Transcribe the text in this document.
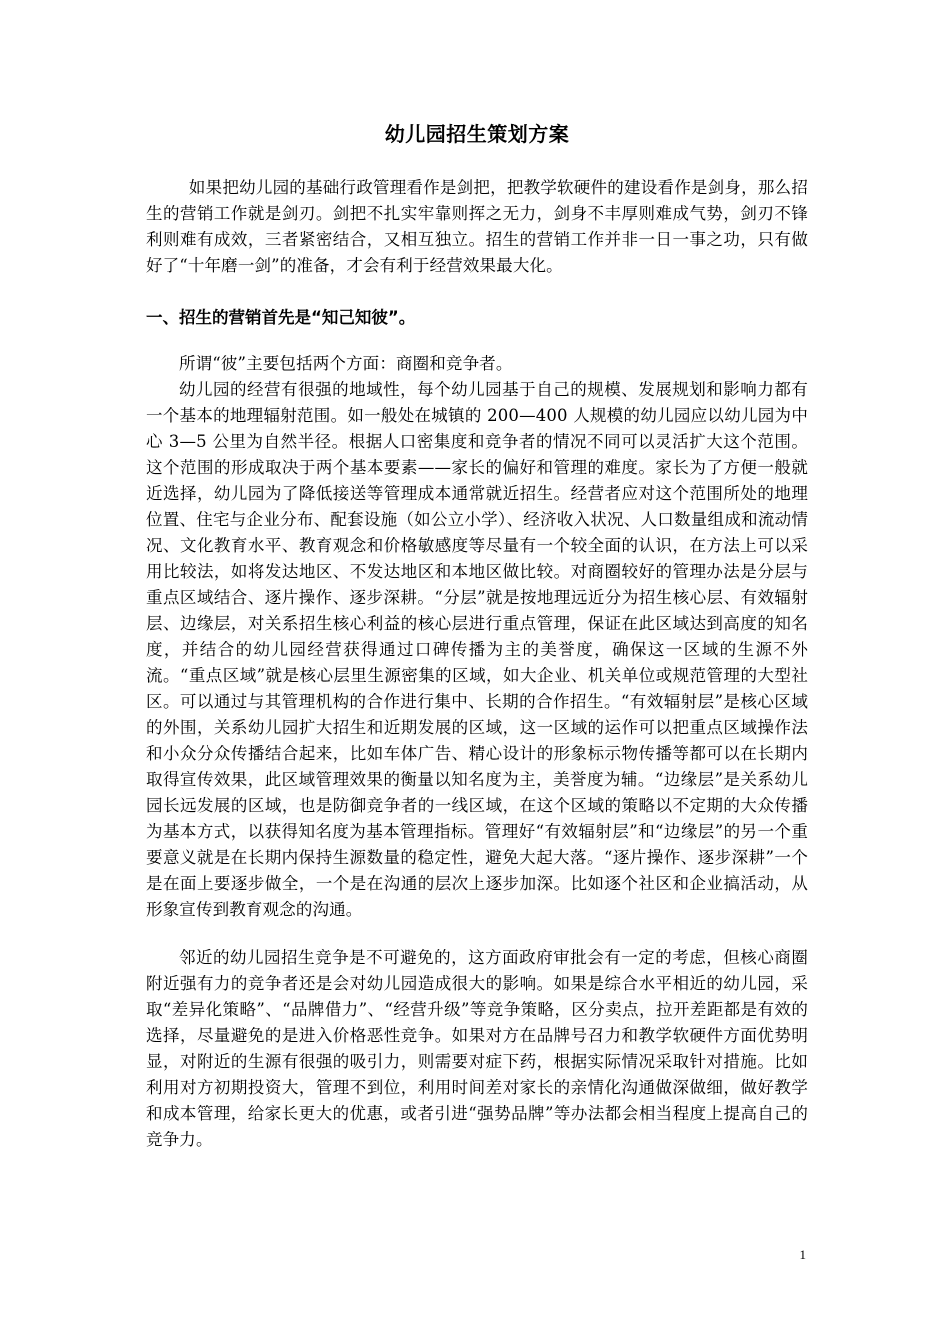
幼儿园招生策划方案

如果把幼儿园的基础行政管理看作是剑把，把教学软硬件的建设看作是剑身，那么招生的营销工作就是剑刃。剑把不扎实牢靠则挥之无力，剑身不丰厚则难成气势，剑刃不锋利则难有成效，三者紧密结合，又相互独立。招生的营销工作并非一日一事之功，只有做好了“十年磨一剑”的准备，才会有利于经营效果最大化。

一、招生的营销首先是“知己知彼”。

所谓“彼”主要包括两个方面：商圈和竞争者。

幼儿园的经营有很强的地域性，每个幼儿园基于自己的规模、发展规划和影响力都有一个基本的地理辐射范围。如一般处在城镇的 200—400 人规模的幼儿园应以幼儿园为中心 3—5 公里为自然半径。根据人口密集度和竞争者的情况不同可以灵活扩大这个范围。这个范围的形成取决于两个基本要素——家长的偏好和管理的难度。家长为了方便一般就近选择，幼儿园为了降低接送等管理成本通常就近招生。经营者应对这个范围所处的地理位置、住宅与企业分布、配套设施（如公立小学）、经济收入状况、人口数量组成和流动情况、文化教育水平、教育观念和价格敏感度等尽量有一个较全面的认识，在方法上可以采用比较法，如将发达地区、不发达地区和本地区做比较。对商圈较好的管理办法是分层与重点区域结合、逐片操作、逐步深耕。“分层”就是按地理远近分为招生核心层、有效辐射层、边缘层，对关系招生核心利益的核心层进行重点管理，保证在此区域达到高度的知名度，并结合的幼儿园经营获得通过口碑传播为主的美誉度，确保这一区域的生源不外流。“重点区域”就是核心层里生源密集的区域，如大企业、机关单位或规范管理的大型社区。可以通过与其管理机构的合作进行集中、长期的合作招生。“有效辐射层”是核心区域的外围，关系幼儿园扩大招生和近期发展的区域，这一区域的运作可以把重点区域操作法和小众分众传播结合起来，比如车体广告、精心设计的形象标示物传播等都可以在长期内取得宣传效果，此区域管理效果的衡量以知名度为主，美誉度为辅。“边缘层”是关系幼儿园长远发展的区域，也是防御竞争者的一线区域，在这个区域的策略以不定期的大众传播为基本方式，以获得知名度为基本管理指标。管理好“有效辐射层”和“边缘层”的另一个重要意义就是在长期内保持生源数量的稳定性，避免大起大落。“逐片操作、逐步深耕”一个是在面上要逐步做全，一个是在沟通的层次上逐步加深。比如逐个社区和企业搞活动，从形象宣传到教育观念的沟通。

邻近的幼儿园招生竞争是不可避免的，这方面政府审批会有一定的考虑，但核心商圈附近强有力的竞争者还是会对幼儿园造成很大的影响。如果是综合水平相近的幼儿园，采取“差异化策略”、“品牌借力”、“经营升级”等竞争策略，区分卖点，拉开差距都是有效的选择，尽量避免的是进入价格恶性竞争。如果对方在品牌号召力和教学软硬件方面优势明显，对附近的生源有很强的吸引力，则需要对症下药，根据实际情况采取针对措施。比如利用对方初期投资大，管理不到位，利用时间差对家长的亲情化沟通做深做细，做好教学和成本管理，给家长更大的优惠，或者引进“强势品牌”等办法都会相当程度上提高自己的竞争力。

1
